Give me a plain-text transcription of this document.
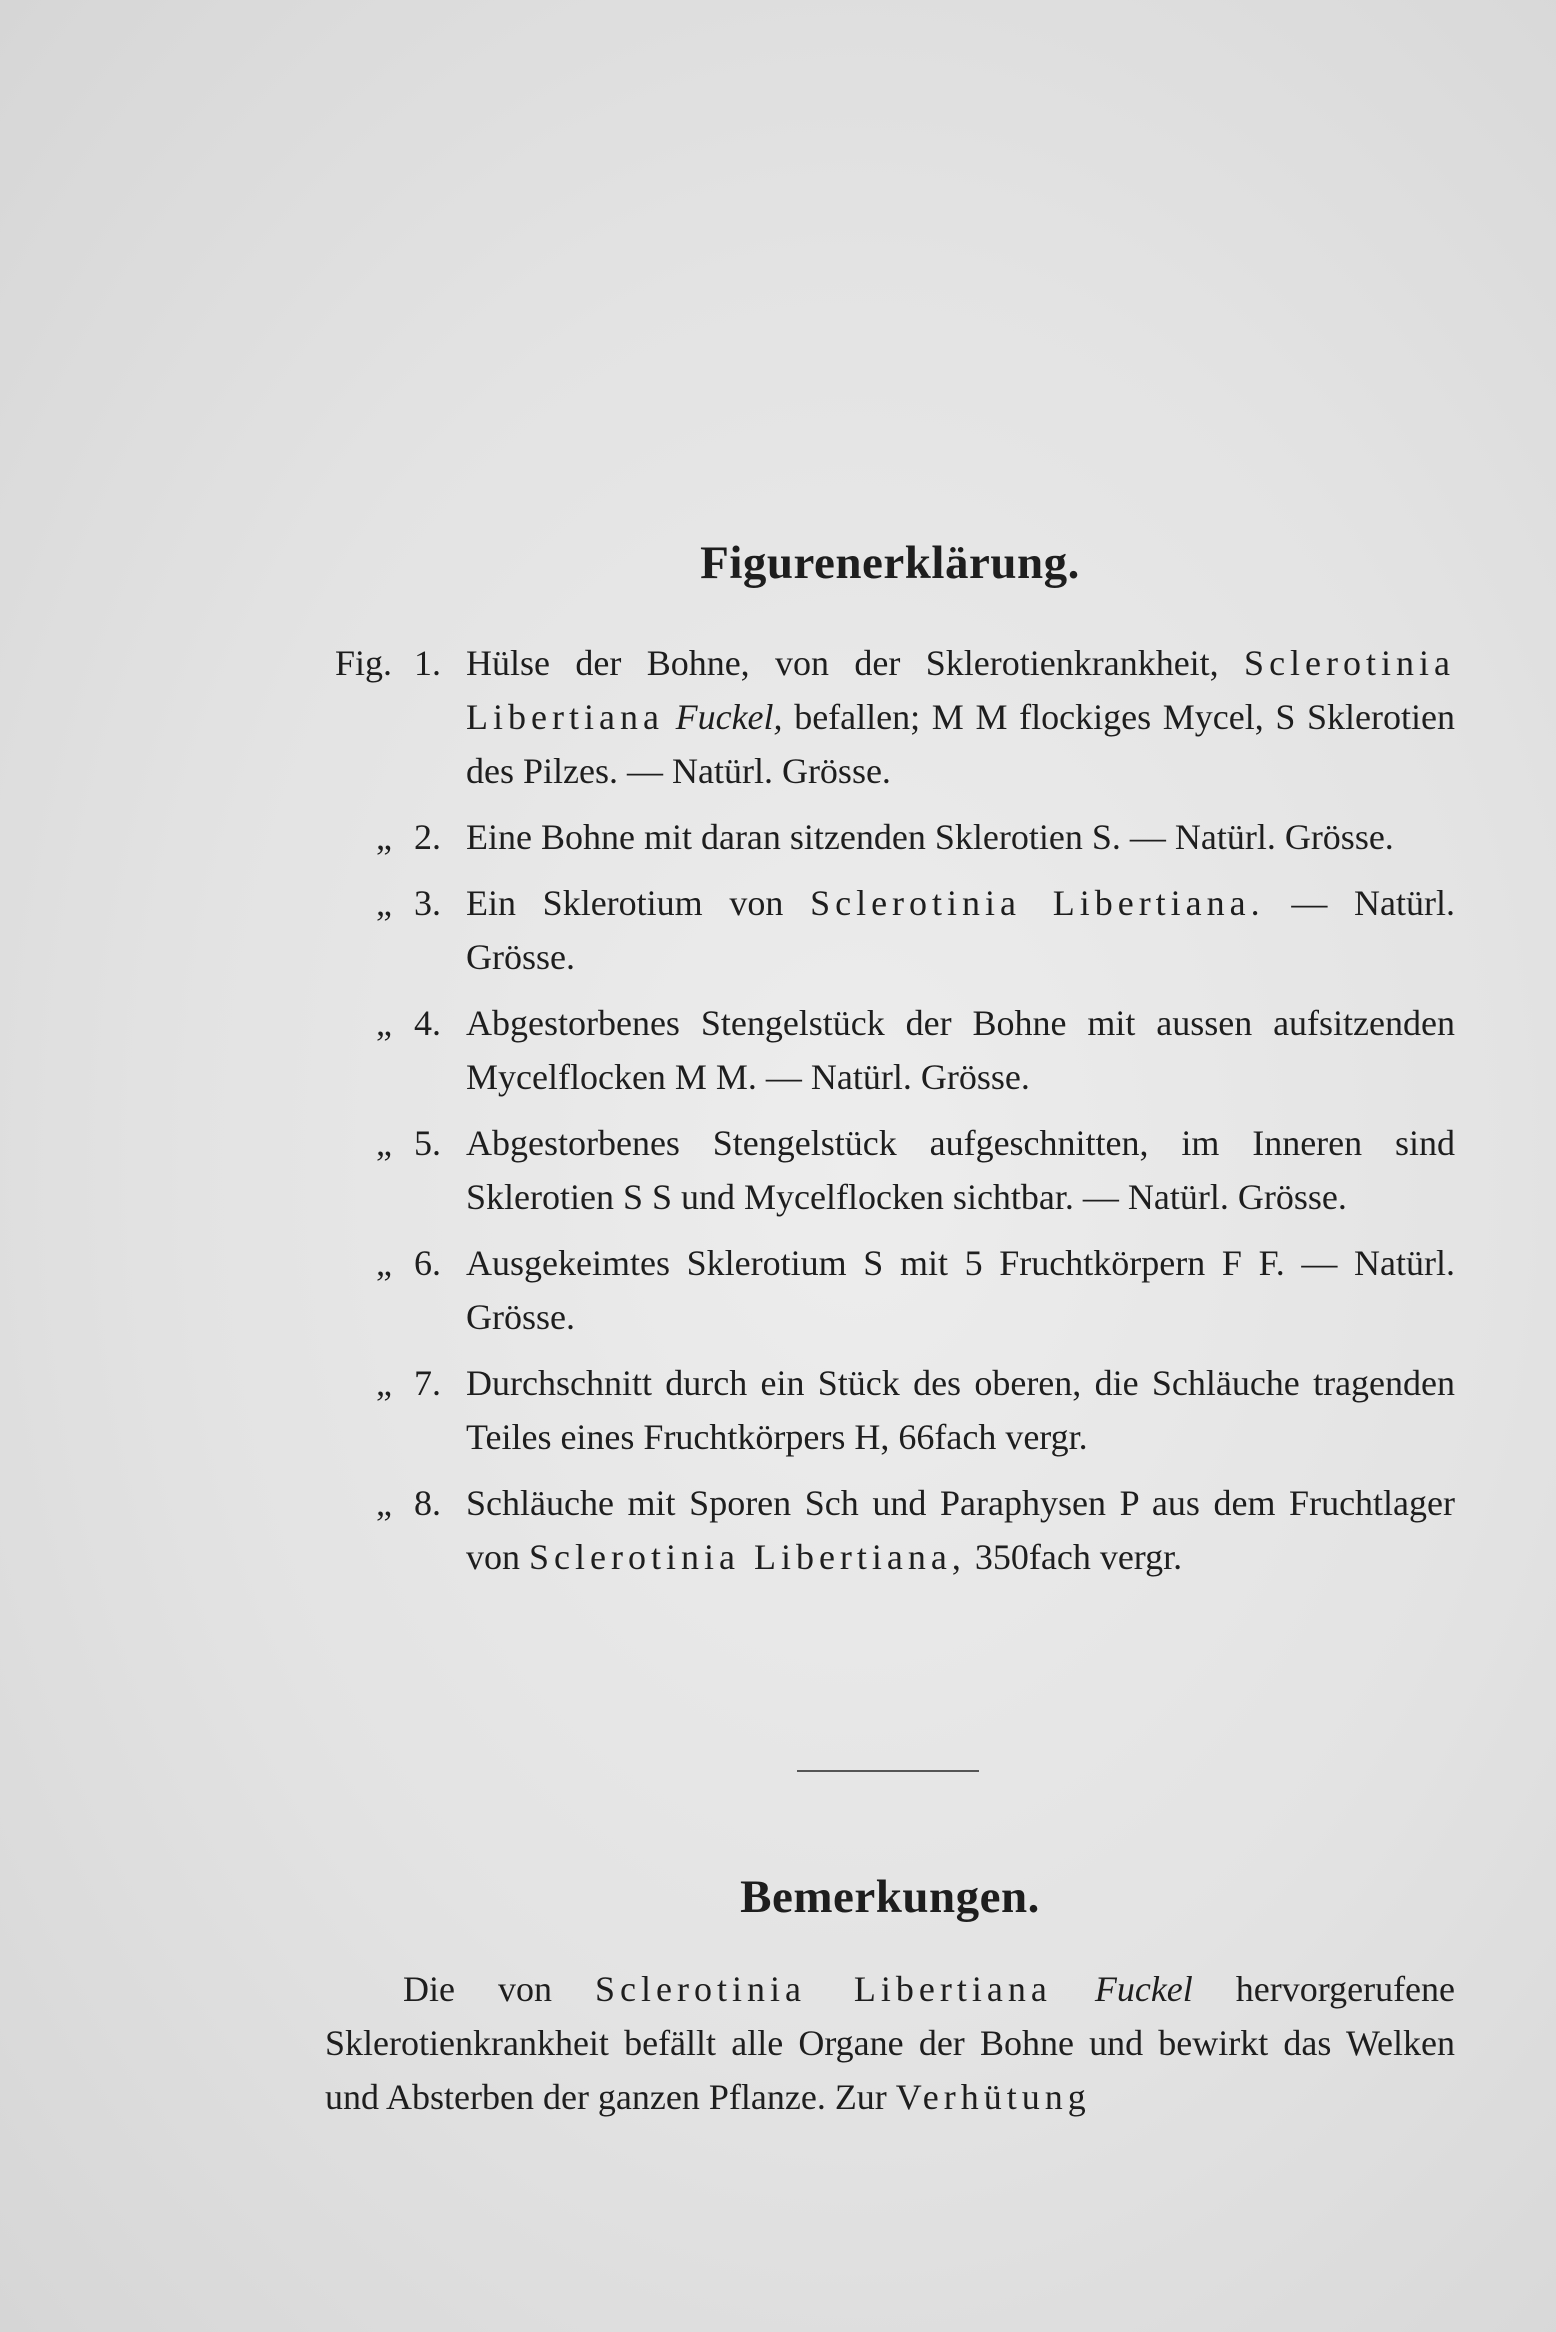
Figurenerklärung.
Fig. 1. Hülse der Bohne, von der Sklerotienkrankheit, Sclerotinia Libertiana Fuckel, befallen; M M flockiges Mycel, S Sklerotien des Pilzes. — Natürl. Grösse.
„ 2. Eine Bohne mit daran sitzenden Sklerotien S. — Natürl. Grösse.
„ 3. Ein Sklerotium von Sclerotinia Libertiana. — Natürl. Grösse.
„ 4. Abgestorbenes Stengelstück der Bohne mit aussen aufsitzenden Mycelflocken M M. — Natürl. Grösse.
„ 5. Abgestorbenes Stengelstück aufgeschnitten, im Inneren sind Sklerotien S S und Mycelflocken sichtbar. — Natürl. Grösse.
„ 6. Ausgekeimtes Sklerotium S mit 5 Fruchtkörpern F F. — Natürl. Grösse.
„ 7. Durchschnitt durch ein Stück des oberen, die Schläuche tragenden Teiles eines Fruchtkörpers H, 66fach vergr.
„ 8. Schläuche mit Sporen Sch und Paraphysen P aus dem Fruchtlager von Sclerotinia Libertiana, 350fach vergr.
Bemerkungen.

Die von Sclerotinia Libertiana Fuckel hervorgerufene Sklerotienkrankheit befällt alle Organe der Bohne und bewirkt das Welken und Absterben der ganzen Pflanze. Zur Verhütung
